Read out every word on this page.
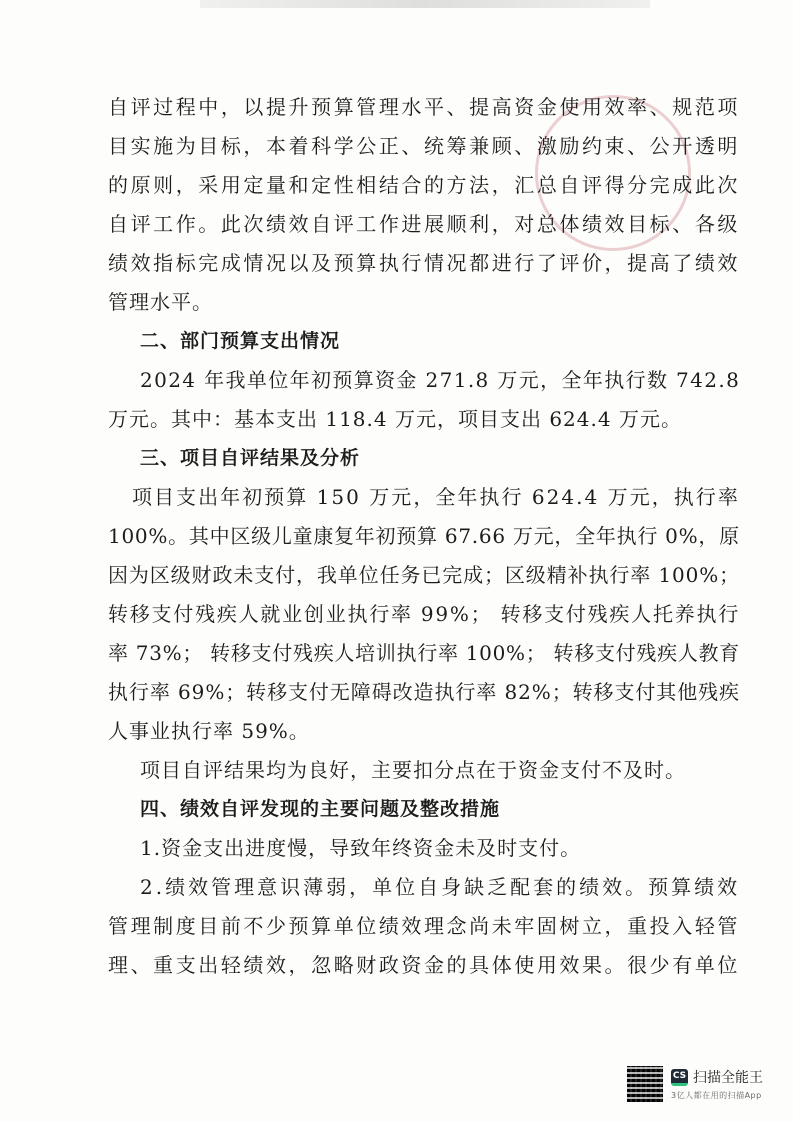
自评过程中，以提升预算管理水平、提高资金使用效率、规范项
目实施为目标，本着科学公正、统筹兼顾、激励约束、公开透明
的原则，采用定量和定性相结合的方法，汇总自评得分完成此次
自评工作。此次绩效自评工作进展顺利，对总体绩效目标、各级
绩效指标完成情况以及预算执行情况都进行了评价，提高了绩效
管理水平。
二、部门预算支出情况
2024 年我单位年初预算资金 271.8 万元，全年执行数 742.8
万元。其中：基本支出 118.4 万元，项目支出 624.4 万元。
三、项目自评结果及分析
项目支出年初预算 150 万元，全年执行 624.4 万元，执行率
100%。其中区级儿童康复年初预算 67.66 万元，全年执行 0%，原
因为区级财政未支付，我单位任务已完成；区级精补执行率 100%；
转移支付残疾人就业创业执行率 99%； 转移支付残疾人托养执行
率 73%； 转移支付残疾人培训执行率 100%； 转移支付残疾人教育
执行率 69%；转移支付无障碍改造执行率 82%；转移支付其他残疾
人事业执行率 59%。
项目自评结果均为良好，主要扣分点在于资金支付不及时。
四、绩效自评发现的主要问题及整改措施
1.资金支出进度慢，导致年终资金未及时支付。
2.绩效管理意识薄弱，单位自身缺乏配套的绩效。预算绩效
管理制度目前不少预算单位绩效理念尚未牢固树立，重投入轻管
理、重支出轻绩效，忽略财政资金的具体使用效果。很少有单位
CS 扫描全能王
3亿人都在用的扫描App
